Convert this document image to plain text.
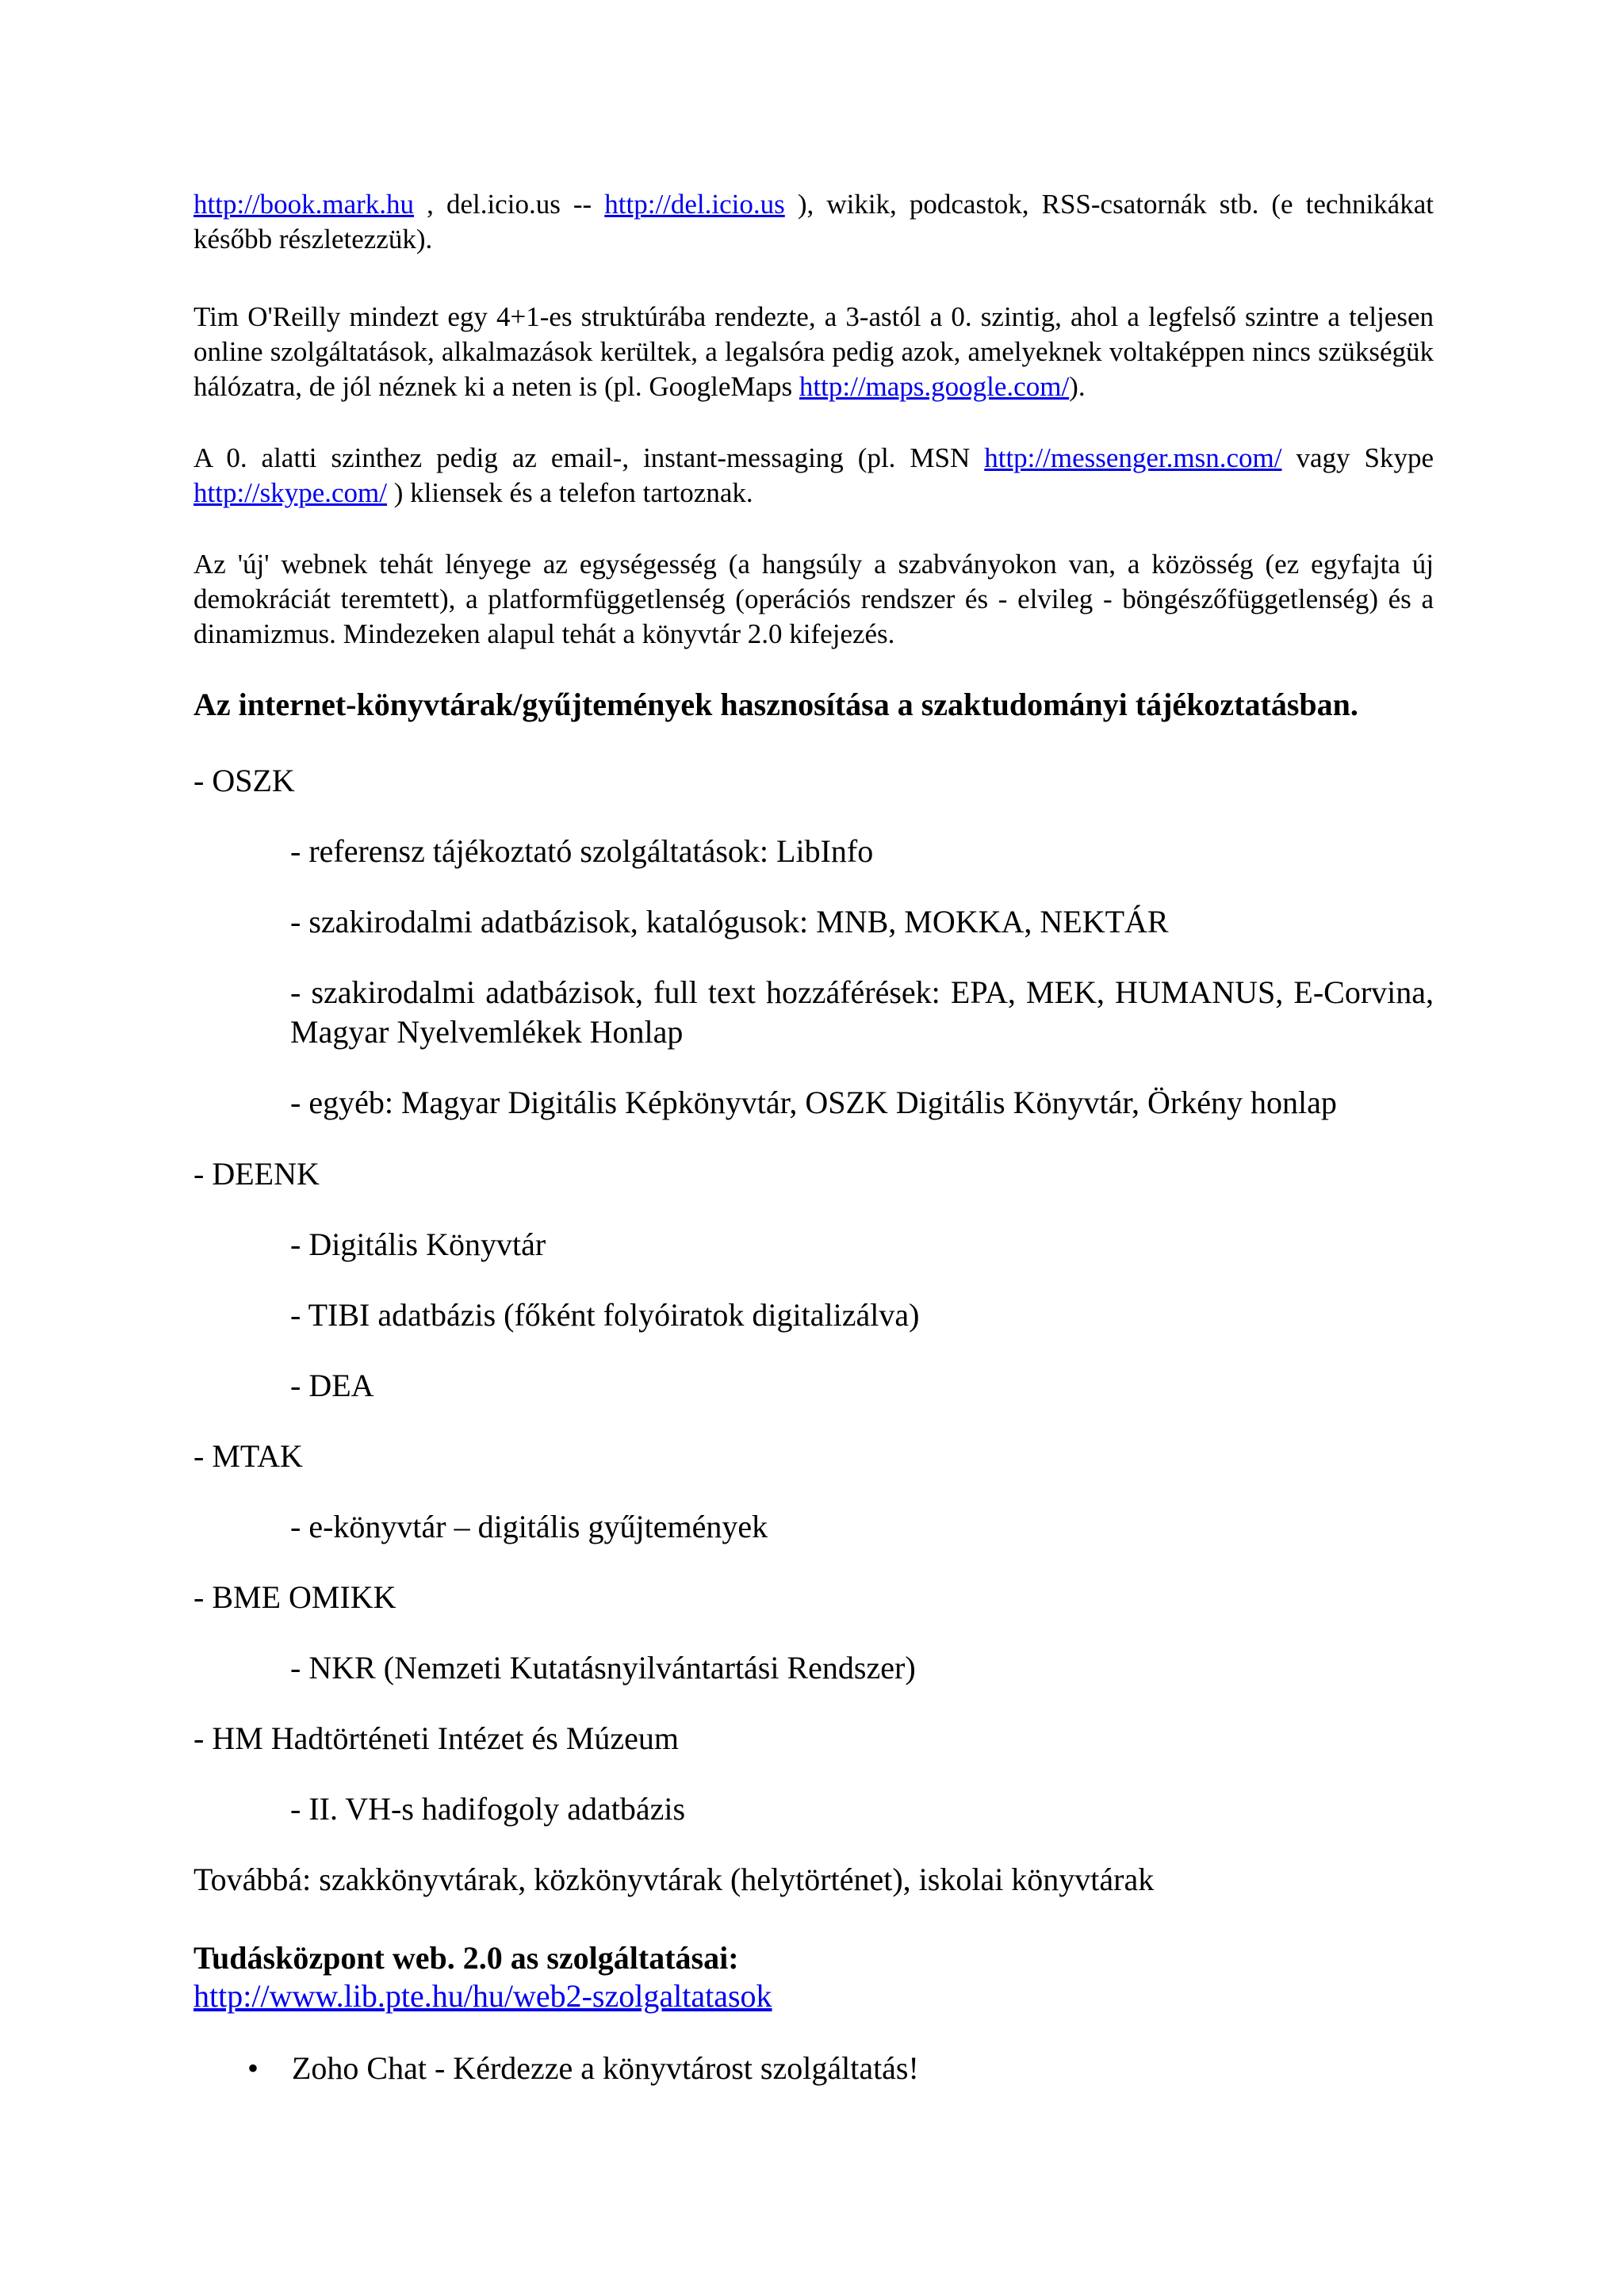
http://book.mark.hu , del.icio.us -- http://del.icio.us ), wikik, podcastok, RSS-csatornák stb. (e technikákat később részletezzük).

Tim O'Reilly mindezt egy 4+1-es struktúrába rendezte, a 3-astól a 0. szintig, ahol a legfelső szintre a teljesen online szolgáltatások, alkalmazások kerültek, a legalsóra pedig azok, amelyeknek voltaképpen nincs szükségük hálózatra, de jól néznek ki a neten is (pl. GoogleMaps http://maps.google.com/).

A 0. alatti szinthez pedig az email-, instant-messaging (pl. MSN http://messenger.msn.com/ vagy Skype http://skype.com/ ) kliensek és a telefon tartoznak.

Az 'új' webnek tehát lényege az egységesség (a hangsúly a szabványokon van, a közösség (ez egyfajta új demokráciát teremtett), a platformfüggetlenség (operációs rendszer és - elvileg - böngészőfüggetlenség) és a dinamizmus. Mindezeken alapul tehát a könyvtár 2.0 kifejezés.

Az internet-könyvtárak/gyűjtemények hasznosítása a szaktudományi tájékoztatásban.

- OSZK

- referensz tájékoztató szolgáltatások: LibInfo

- szakirodalmi adatbázisok, katalógusok: MNB, MOKKA, NEKTÁR

- szakirodalmi adatbázisok, full text hozzáférések: EPA, MEK, HUMANUS, E-Corvina, Magyar Nyelvemlékek Honlap

- egyéb: Magyar Digitális Képkönyvtár, OSZK Digitális Könyvtár, Örkény honlap

- DEENK

- Digitális Könyvtár

- TIBI adatbázis (főként folyóiratok digitalizálva)

- DEA

- MTAK

- e-könyvtár – digitális gyűjtemények

- BME OMIKK

- NKR (Nemzeti Kutatásnyilvántartási Rendszer)

- HM Hadtörténeti Intézet és Múzeum

- II. VH-s hadifogoly adatbázis

Továbbá: szakkönyvtárak, közkönyvtárak (helytörténet), iskolai könyvtárak

Tudásközpont web. 2.0 as szolgáltatásai:

http://www.lib.pte.hu/hu/web2-szolgaltatasok

•	Zoho Chat - Kérdezze a könyvtárost szolgáltatás!
